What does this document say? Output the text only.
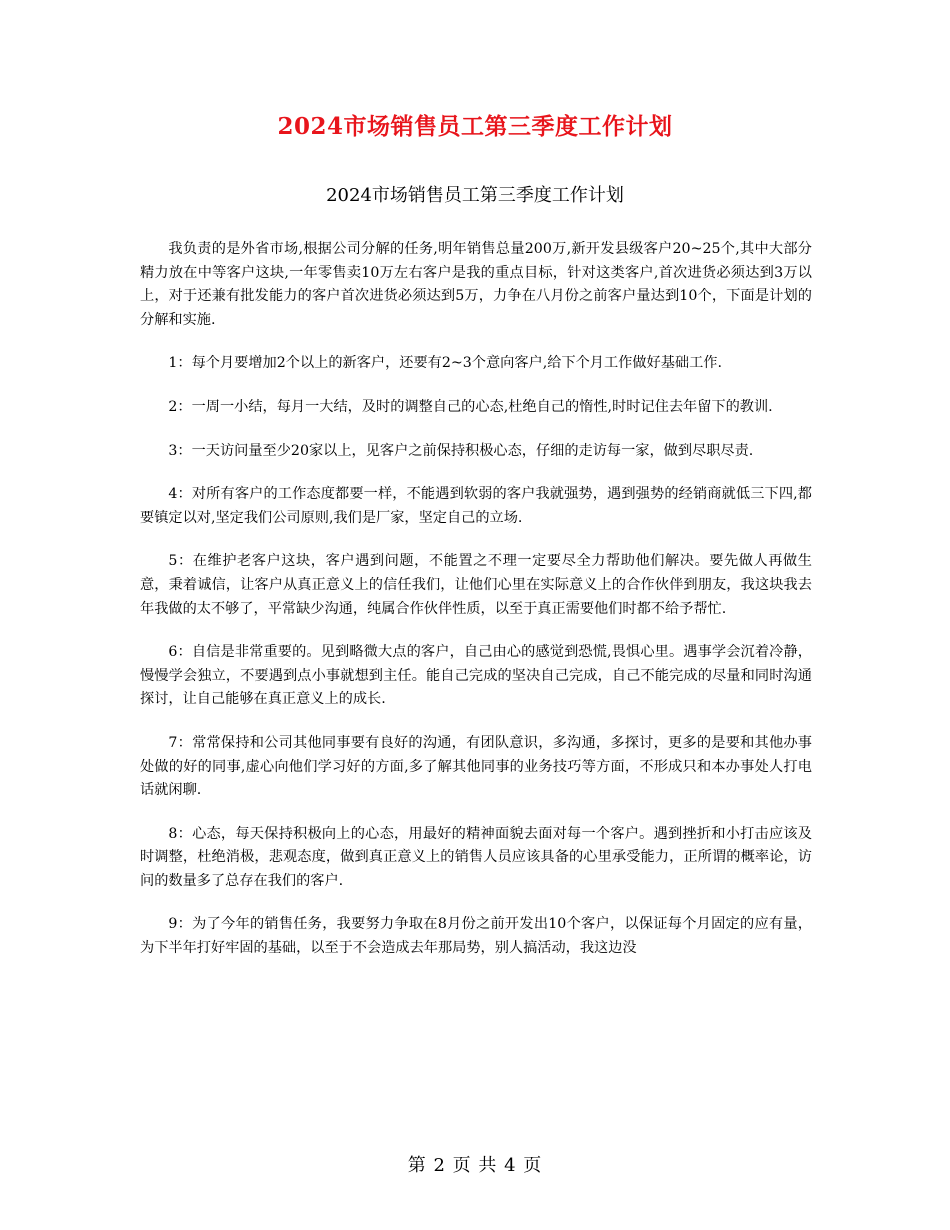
2024市场销售员工第三季度工作计划
2024市场销售员工第三季度工作计划

我负责的是外省市场,根据公司分解的任务,明年销售总量200万,新开发县级客户20~25个,其中大部分精力放在中等客户这块,一年零售卖10万左右客户是我的重点目标，针对这类客户,首次进货必须达到3万以上，对于还兼有批发能力的客户首次进货必须达到5万，力争在八月份之前客户量达到10个，下面是计划的分解和实施.

1：每个月要增加2个以上的新客户，还要有2~3个意向客户,给下个月工作做好基础工作.

2：一周一小结，每月一大结，及时的调整自己的心态,杜绝自己的惰性,时时记住去年留下的教训.

3：一天访问量至少20家以上，见客户之前保持积极心态，仔细的走访每一家，做到尽职尽责.

4：对所有客户的工作态度都要一样，不能遇到软弱的客户我就强势，遇到强势的经销商就低三下四,都要镇定以对,坚定我们公司原则,我们是厂家，坚定自己的立场.

5：在维护老客户这块，客户遇到问题，不能置之不理一定要尽全力帮助他们解决。要先做人再做生意，秉着诚信，让客户从真正意义上的信任我们，让他们心里在实际意义上的合作伙伴到朋友，我这块我去年我做的太不够了，平常缺少沟通，纯属合作伙伴性质，以至于真正需要他们时都不给予帮忙.

6：自信是非常重要的。见到略微大点的客户，自己由心的感觉到恐慌,畏惧心里。遇事学会沉着冷静，慢慢学会独立，不要遇到点小事就想到主任。能自己完成的坚决自己完成，自己不能完成的尽量和同时沟通探讨，让自己能够在真正意义上的成长.

7：常常保持和公司其他同事要有良好的沟通，有团队意识，多沟通，多探讨，更多的是要和其他办事处做的好的同事,虚心向他们学习好的方面,多了解其他同事的业务技巧等方面，不形成只和本办事处人打电话就闲聊.

8：心态，每天保持积极向上的心态，用最好的精神面貌去面对每一个客户。遇到挫折和小打击应该及时调整，杜绝消极，悲观态度，做到真正意义上的销售人员应该具备的心里承受能力，正所谓的概率论，访问的数量多了总存在我们的客户.

9：为了今年的销售任务，我要努力争取在8月份之前开发出10个客户，以保证每个月固定的应有量，为下半年打好牢固的基础，以至于不会造成去年那局势，别人搞活动，我这边没

第 2 页 共 4 页
